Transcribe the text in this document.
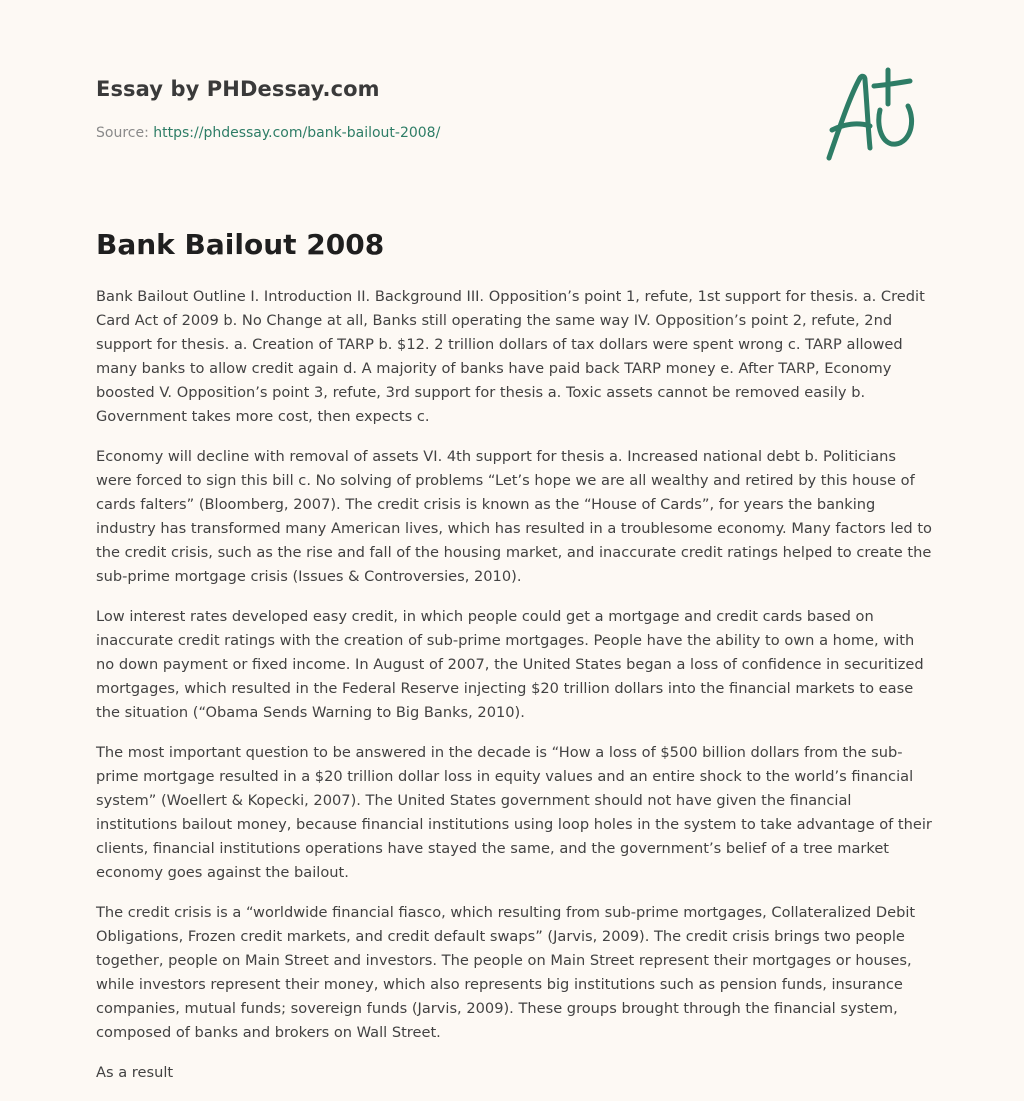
Essay by PHDessay.com
Source: https://phdessay.com/bank-bailout-2008/
Bank Bailout 2008

Bank Bailout Outline I. Introduction II. Background III. Opposition’s point 1, refute, 1st support for thesis. a. Credit Card Act of 2009 b. No Change at all, Banks still operating the same way IV. Opposition’s point 2, refute, 2nd support for thesis. a. Creation of TARP b. $12. 2 trillion dollars of tax dollars were spent wrong c. TARP allowed many banks to allow credit again d. A majority of banks have paid back TARP money e. After TARP, Economy boosted V. Opposition’s point 3, refute, 3rd support for thesis a. Toxic assets cannot be removed easily b. Government takes more cost, then expects c.

Economy will decline with removal of assets VI. 4th support for thesis a. Increased national debt b. Politicians were forced to sign this bill c. No solving of problems “Let’s hope we are all wealthy and retired by this house of cards falters” (Bloomberg, 2007). The credit crisis is known as the “House of Cards”, for years the banking industry has transformed many American lives, which has resulted in a troublesome economy. Many factors led to the credit crisis, such as the rise and fall of the housing market, and inaccurate credit ratings helped to create the sub-prime mortgage crisis (Issues & Controversies, 2010).

Low interest rates developed easy credit, in which people could get a mortgage and credit cards based on inaccurate credit ratings with the creation of sub-prime mortgages. People have the ability to own a home, with no down payment or fixed income. In August of 2007, the United States began a loss of confidence in securitized mortgages, which resulted in the Federal Reserve injecting $20 trillion dollars into the financial markets to ease the situation (“Obama Sends Warning to Big Banks, 2010).

The most important question to be answered in the decade is “How a loss of $500 billion dollars from the sub-prime mortgage resulted in a $20 trillion dollar loss in equity values and an entire shock to the world’s financial system” (Woellert & Kopecki, 2007). The United States government should not have given the financial institutions bailout money, because financial institutions using loop holes in the system to take advantage of their clients, financial institutions operations have stayed the same, and the government’s belief of a tree market economy goes against the bailout.

The credit crisis is a “worldwide financial fiasco, which resulting from sub-prime mortgages, Collateralized Debit Obligations, Frozen credit markets, and credit default swaps” (Jarvis, 2009). The credit crisis brings two people together, people on Main Street and investors. The people on Main Street represent their mortgages or houses, while investors represent their money, which also represents big institutions such as pension funds, insurance companies, mutual funds; sovereign funds (Jarvis, 2009). These groups brought through the financial system, composed of banks and brokers on Wall Street.

As a result
